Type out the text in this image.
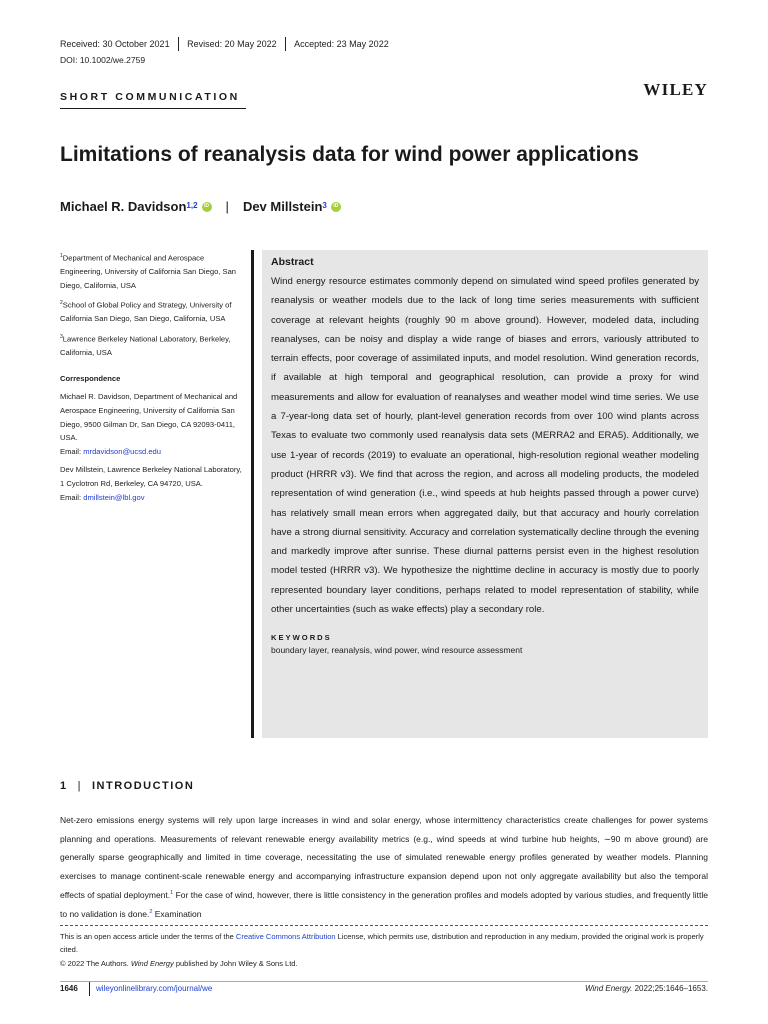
Received: 30 October 2021 Revised: 20 May 2022 Accepted: 23 May 2022
DOI: 10.1002/we.2759
SHORT COMMUNICATION	WILEY
Limitations of reanalysis data for wind power applications
Michael R. Davidson$^{1,2}$
iD | Dev Millstein$^3$
iD

$^1$Department of Mechanical and Aerospace Engineering, University of California San Diego, San Diego, California, USA

$^2$School of Global Policy and Strategy, University of California San Diego, San Diego, California, USA

$^3$Lawrence Berkeley National Laboratory, Berkeley, California, USA

Correspondence

Michael R. Davidson, Department of Mechanical and Aerospace Engineering, University of California San Diego, 9500 Gilman Dr, San Diego, CA 92093-0411, USA.
Email: mrdavidson@ucsd.edu

Dev Millstein, Lawrence Berkeley National Laboratory, 1 Cyclotron Rd, Berkeley, CA 94720, USA.
Email: dmillstein@lbl.gov

Abstract
Wind energy resource estimates commonly depend on simulated wind speed profiles generated by reanalysis or weather models due to the lack of long time series measurements with sufficient coverage at relevant heights (roughly 90 m above ground). However, modeled data, including reanalyses, can be noisy and display a wide range of biases and errors, variously attributed to terrain effects, poor coverage of assimilated inputs, and model resolution. Wind generation records, if available at high temporal and geographical resolution, can provide a proxy for wind measurements and allow for evaluation of reanalyses and weather model wind time series. We use a 7-year-long data set of hourly, plant-level generation records from over 100 wind plants across Texas to evaluate two commonly used reanalysis data sets (MERRA2 and ERA5). Additionally, we use 1-year of records (2019) to evaluate an operational, high-resolution regional weather modeling product (HRRR v3). We find that across the region, and across all modeling products, the modeled representation of wind generation (i.e., wind speeds at hub heights passed through a power curve) has relatively small mean errors when aggregated daily, but that accuracy and hourly correlation have a strong diurnal sensitivity. Accuracy and correlation systematically decline through the evening and markedly improve after sunrise. These diurnal patterns persist even in the highest resolution model tested (HRRR v3). We hypothesize the nighttime decline in accuracy is mostly due to poorly represented boundary layer conditions, perhaps related to model representation of stability, while other uncertainties (such as wake effects) play a secondary role.
KEYWORDS
boundary layer, reanalysis, wind power, wind resource assessment
1 | INTRODUCTION
Net-zero emissions energy systems will rely upon large increases in wind and solar energy, whose intermittency characteristics create challenges for power systems planning and operations. Measurements of relevant renewable energy availability metrics (e.g., wind speeds at wind turbine hub heights, ∼90 m above ground) are generally sparse geographically and limited in time coverage, necessitating the use of simulated renewable energy profiles generated by weather models. Planning exercises to manage continent-scale renewable energy and accompanying infrastructure expansion depend upon not only aggregate availability but also the temporal effects of spatial deployment.$^1$ For the case of wind, however, there is little consistency in the generation profiles and models adopted by various studies, and frequently little to no validation is done.$^2$ Examination
This is an open access article under the terms of the Creative Commons Attribution License, which permits use, distribution and reproduction in any medium, provided the original work is properly cited.
© 2022 The Authors. Wind Energy published by John Wiley & Sons Ltd.
1646 wileyonlinelibrary.com/journal/we	Wind Energy. 2022;25:1646–1653.
